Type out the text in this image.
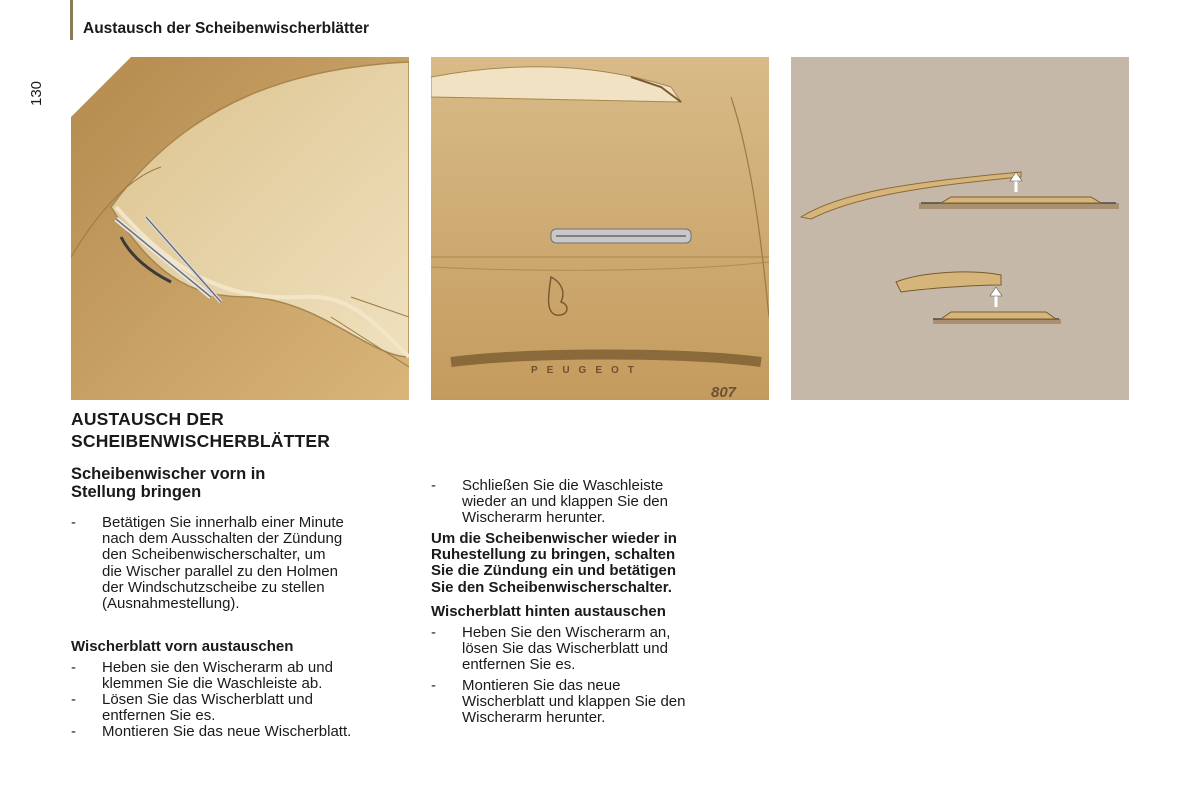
Austausch der Scheibenwischerblätter
130
PEUGEOT
807
AUSTAUSCH DER
SCHEIBENWISCHERBLÄTTER
Scheibenwischer vorn in
Stellung bringen
- Betätigen Sie innerhalb einer Minute
nach dem Ausschalten der Zündung
den Scheibenwischerschalter, um
die Wischer parallel zu den Holmen
der Windschutzscheibe zu stellen
(Ausnahmestellung).
Wischerblatt vorn austauschen
- Heben sie den Wischerarm ab und
klemmen Sie die Waschleiste ab.
- Lösen Sie das Wischerblatt und
entfernen Sie es.
- Montieren Sie das neue Wischerblatt.
- Schließen Sie die Waschleiste
wieder an und klappen Sie den
Wischerarm herunter.
Um die Scheibenwischer wieder in
Ruhestellung zu bringen, schalten
Sie die Zündung ein und betätigen
Sie den Scheibenwischerschalter.
Wischerblatt hinten austauschen
- Heben Sie den Wischerarm an,
lösen Sie das Wischerblatt und
entfernen Sie es.
- Montieren Sie das neue
Wischerblatt und klappen Sie den
Wischerarm herunter.
